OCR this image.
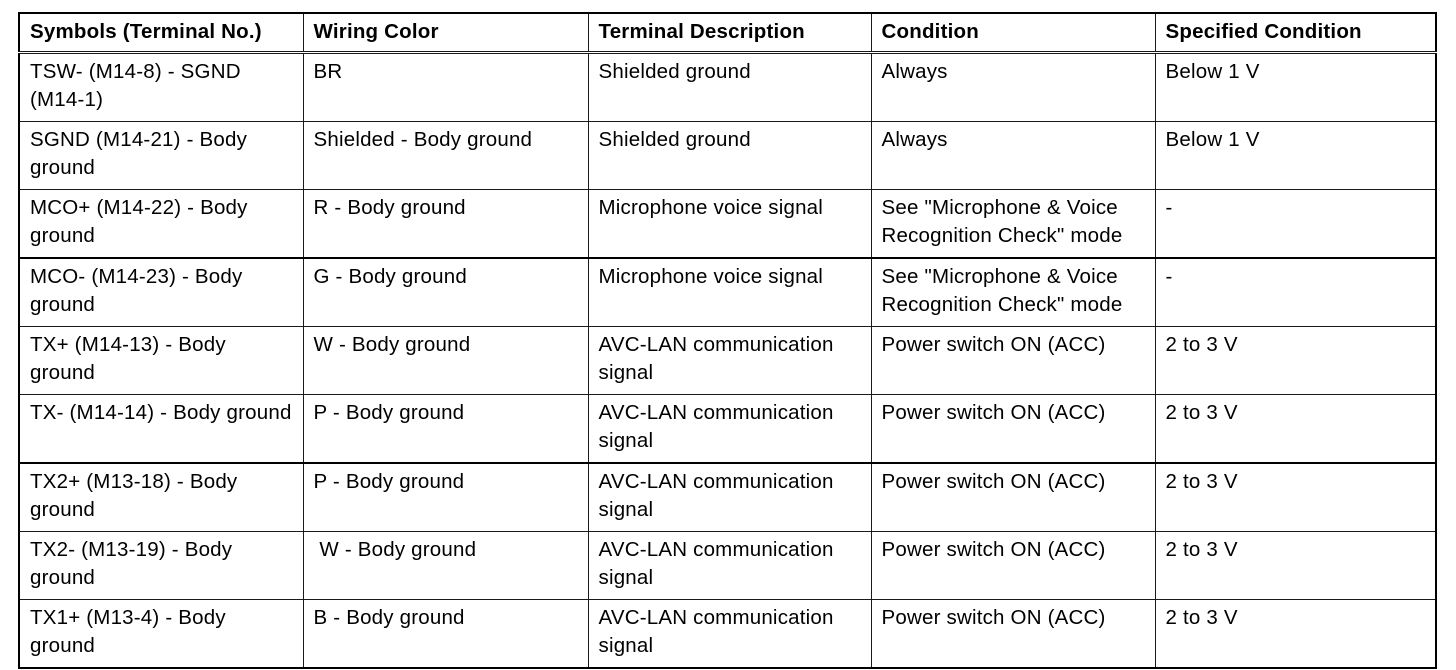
Symbols (Terminal No.)	Wiring Color	Terminal Description	Condition	Specified Condition
TSW- (M14-8) - SGND (M14-1)	BR	Shielded ground	Always	Below 1 V
SGND (M14-21) - Body ground	Shielded - Body ground	Shielded ground	Always	Below 1 V
MCO+ (M14-22) - Body ground	R - Body ground	Microphone voice signal	See "Microphone & Voice Recognition Check" mode	-
MCO- (M14-23) - Body ground	G - Body ground	Microphone voice signal	See "Microphone & Voice Recognition Check" mode	-
TX+ (M14-13) - Body ground	W - Body ground	AVC-LAN communication signal	Power switch ON (ACC)	2 to 3 V
TX- (M14-14) - Body ground	P - Body ground	AVC-LAN communication signal	Power switch ON (ACC)	2 to 3 V
TX2+ (M13-18) - Body ground	P - Body ground	AVC-LAN communication signal	Power switch ON (ACC)	2 to 3 V
TX2- (M13-19) - Body ground	W - Body ground	AVC-LAN communication signal	Power switch ON (ACC)	2 to 3 V
TX1+ (M13-4) - Body ground	B - Body ground	AVC-LAN communication signal	Power switch ON (ACC)	2 to 3 V
